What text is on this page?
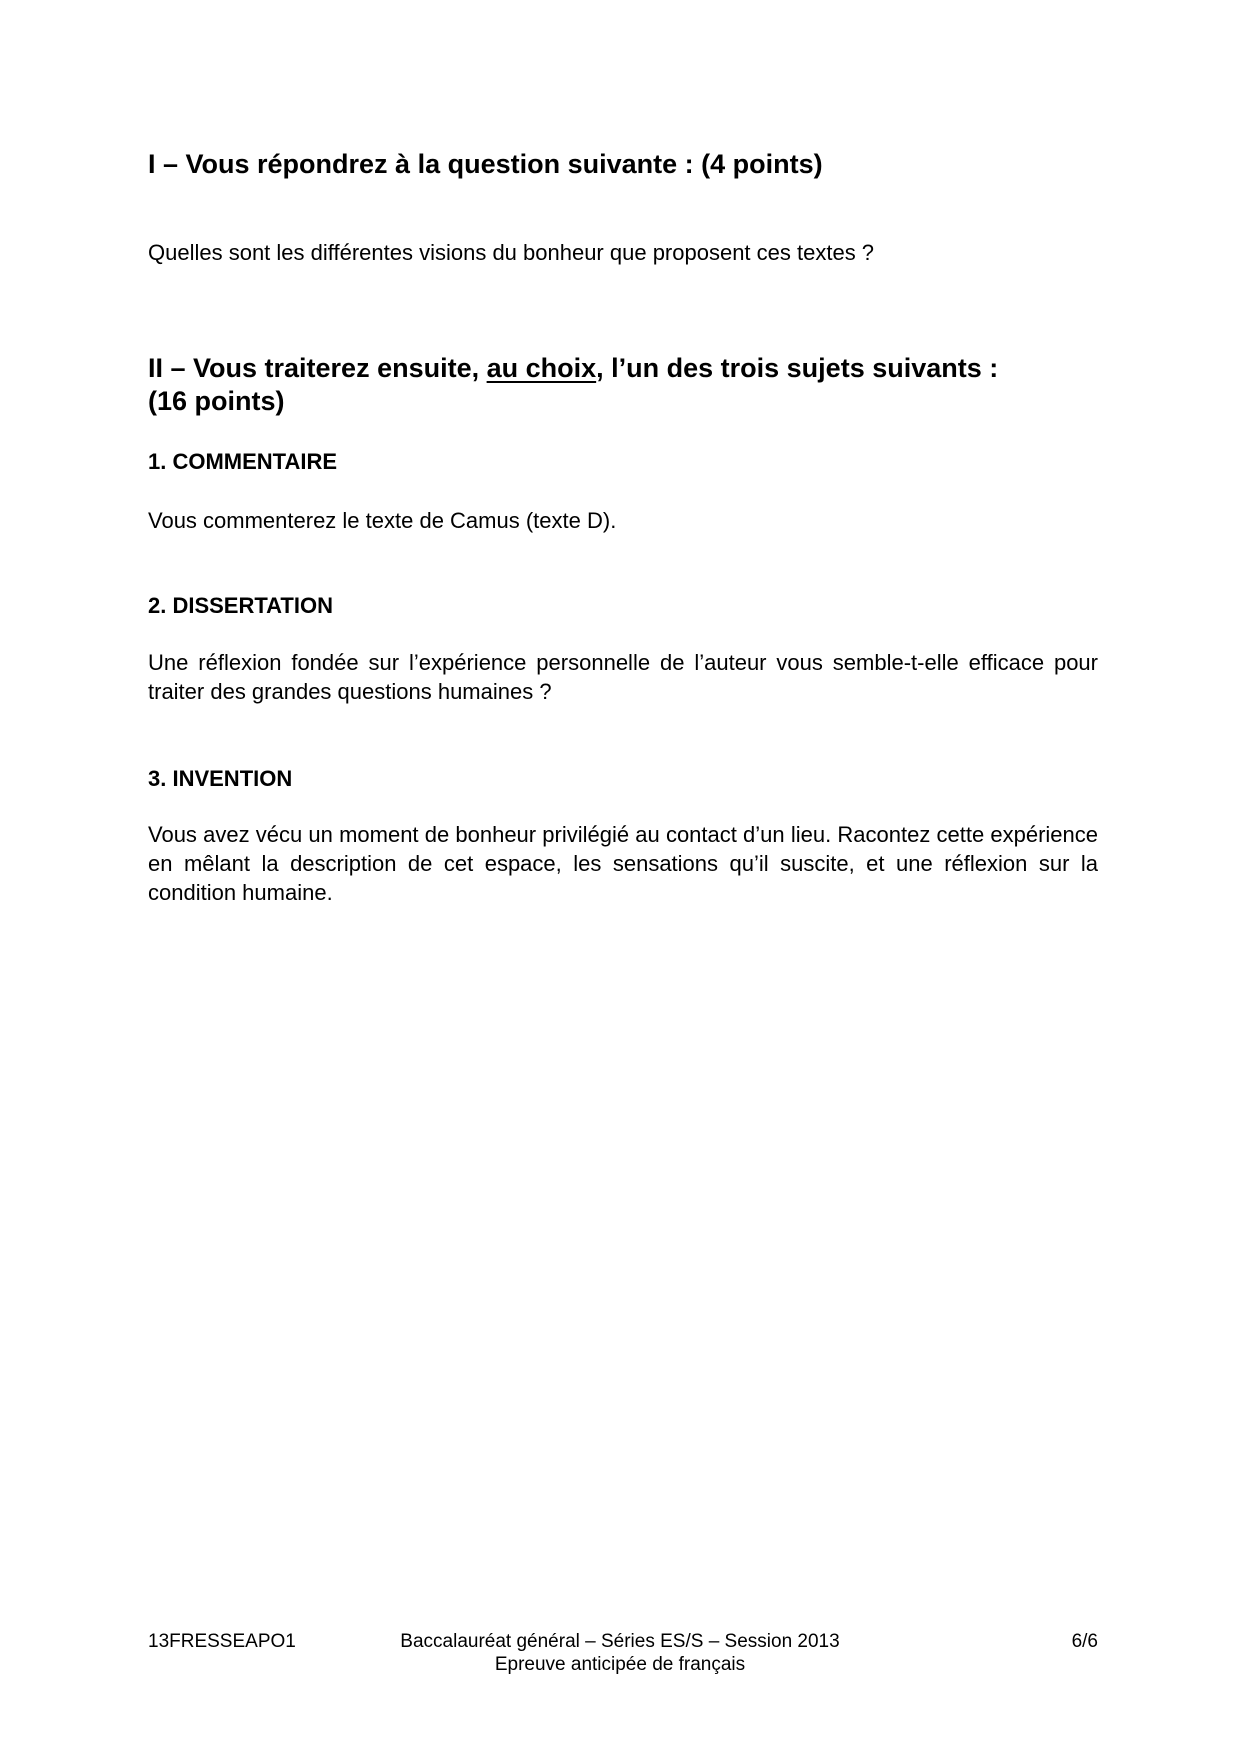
I – Vous répondrez à la question suivante : (4 points)
Quelles sont les différentes visions du bonheur que proposent ces textes ?
II – Vous traiterez ensuite, au choix, l’un des trois sujets suivants :
(16 points)
1. COMMENTAIRE
Vous commenterez le texte de Camus (texte D).
2. DISSERTATION
Une réflexion fondée sur l’expérience personnelle de l’auteur vous semble-t-elle efficace pour traiter des grandes questions humaines ?
3. INVENTION
Vous avez vécu un moment de bonheur privilégié au contact d’un lieu. Racontez cette expérience en mêlant la description de cet espace, les sensations qu’il suscite, et une réflexion sur la condition humaine.
13FRESSEAPO1	Baccalauréat général – Séries ES/S – Session 2013
Epreuve anticipée de français
6/6
